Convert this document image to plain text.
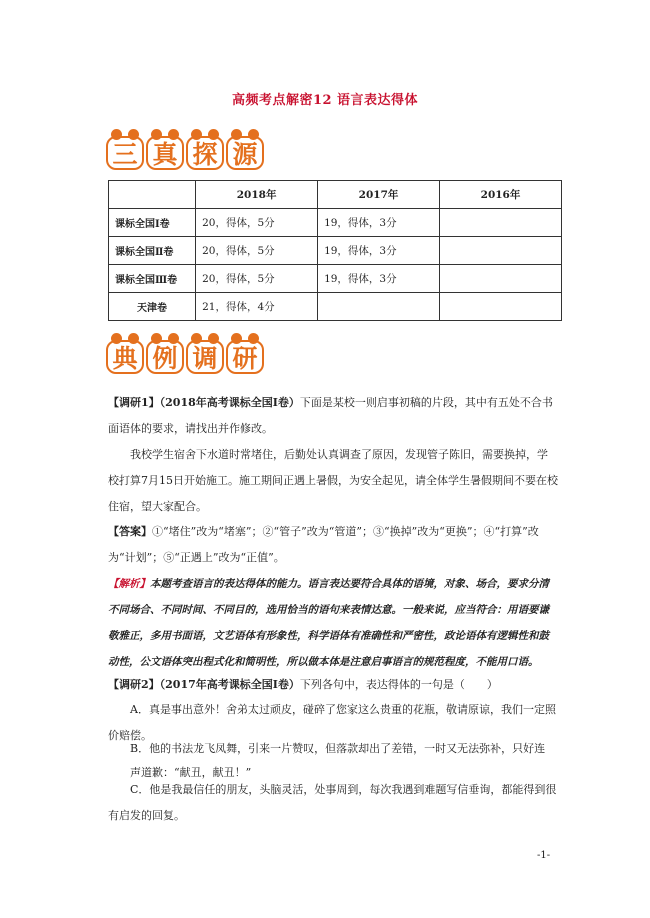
高频考点解密12 语言表达得体
三 真 探 源
	2018年	2017年	2016年
课标全国Ⅰ卷	20，得体，5分	19，得体，3分	
课标全国Ⅱ卷	20，得体，5分	19，得体，3分	
课标全国Ⅲ卷	20，得体，5分	19，得体，3分	
天津卷	21，得体，4分		
典 例 调 研
【调研1】（2018年高考课标全国Ⅰ卷）下面是某校一则启事初稿的片段，其中有五处不合书面语体的要求，请找出并作修改。
我校学生宿舍下水道时常堵住，后勤处认真调查了原因，发现管子陈旧，需要换掉，学校打算7月15日开始施工。施工期间正遇上暑假，为安全起见，请全体学生暑假期间不要在校住宿，望大家配合。
【答案】①“堵住”改为“堵塞”；②“管子”改为“管道”；③“换掉”改为“更换”；④“打算”改为“计划”；⑤“正遇上”改为“正值”。
【解析】本题考查语言的表达得体的能力。语言表达要符合具体的语境，对象、场合，要求分清不同场合、不同时间、不同目的，选用恰当的语句来表情达意。一般来说，应当符合：用语要谦敬雅正，多用书面语，文艺语体有形象性，科学语体有准确性和严密性，政论语体有逻辑性和鼓动性，公文语体突出程式化和简明性，所以做本体是注意启事语言的规范程度，不能用口语。
【调研2】（2017年高考课标全国Ⅰ卷）下列各句中，表达得体的一句是（　　）
A．真是事出意外！舍弟太过顽皮，碰碎了您家这么贵重的花瓶，敬请原谅，我们一定照价赔偿。
B．他的书法龙飞凤舞，引来一片赞叹，但落款却出了差错，一时又无法弥补，只好连
声道歉：“献丑，献丑！”
C．他是我最信任的朋友，头脑灵活，处事周到，每次我遇到难题写信垂询，都能得到很有启发的回复。
-1-
